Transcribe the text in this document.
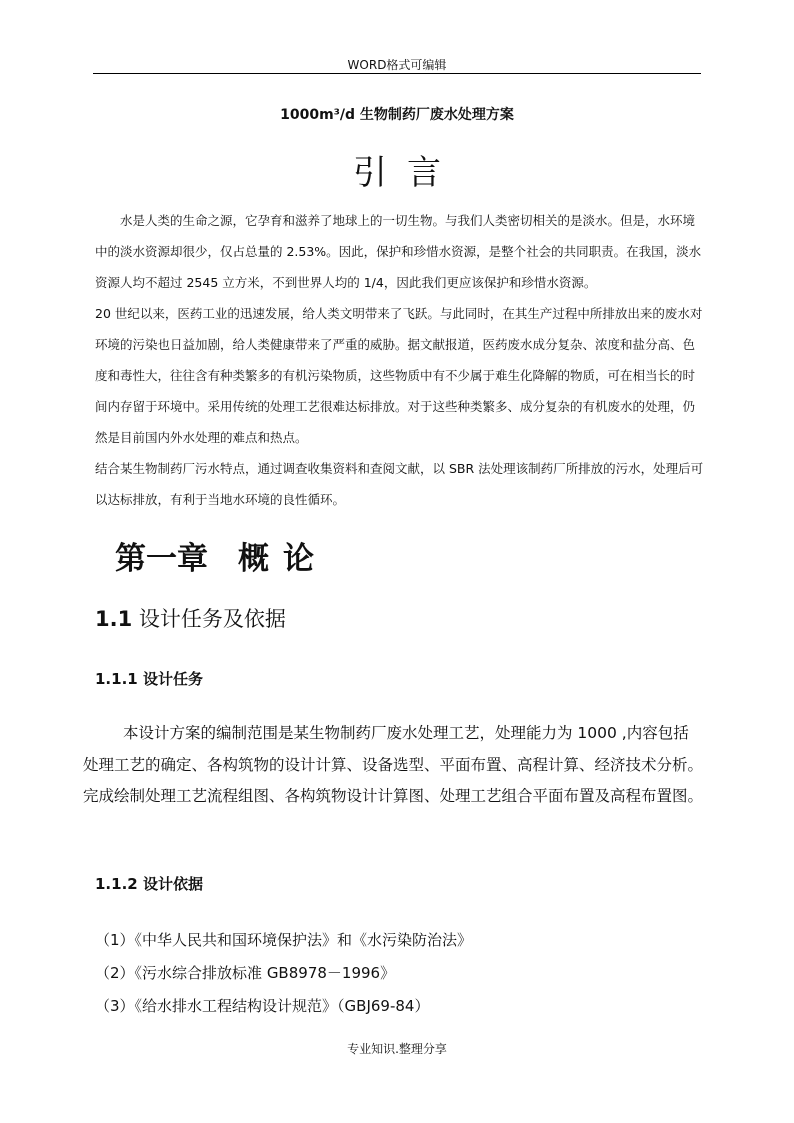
WORD格式可编辑
1000m³/d 生物制药厂废水处理方案
引言

水是人类的生命之源，它孕育和滋养了地球上的一切生物。与我们人类密切相关的是淡水。但是，水环境中的淡水资源却很少，仅占总量的 2.53%。因此，保护和珍惜水资源，是整个社会的共同职责。在我国，淡水资源人均不超过 2545 立方米，不到世界人均的 1/4，因此我们更应该保护和珍惜水资源。

20 世纪以来，医药工业的迅速发展，给人类文明带来了飞跃。与此同时，在其生产过程中所排放出来的废水对环境的污染也日益加剧，给人类健康带来了严重的威胁。据文献报道，医药废水成分复杂、浓度和盐分高、色度和毒性大，往往含有种类繁多的有机污染物质，这些物质中有不少属于难生化降解的物质，可在相当长的时间内存留于环境中。采用传统的处理工艺很难达标排放。对于这些种类繁多、成分复杂的有机废水的处理，仍然是目前国内外水处理的难点和热点。

结合某生物制药厂污水特点，通过调查收集资料和查阅文献，以 SBR 法处理该制药厂所排放的污水，处理后可以达标排放，有利于当地水环境的良性循环。

第一章 概论
1.1 设计任务及依据
1.1.1 设计任务

本设计方案的编制范围是某生物制药厂废水处理工艺，处理能力为 1000 ,内容包括处理工艺的确定、各构筑物的设计计算、设备选型、平面布置、高程计算、经济技术分析。完成绘制处理工艺流程组图、各构筑物设计计算图、处理工艺组合平面布置及高程布置图。

1.1.2 设计依据
（1）《中华人民共和国环境保护法》和《水污染防治法》
（2）《污水综合排放标准 GB8978－1996》
（3）《给水排水工程结构设计规范》（GBJ69-84）
专业知识.整理分享
